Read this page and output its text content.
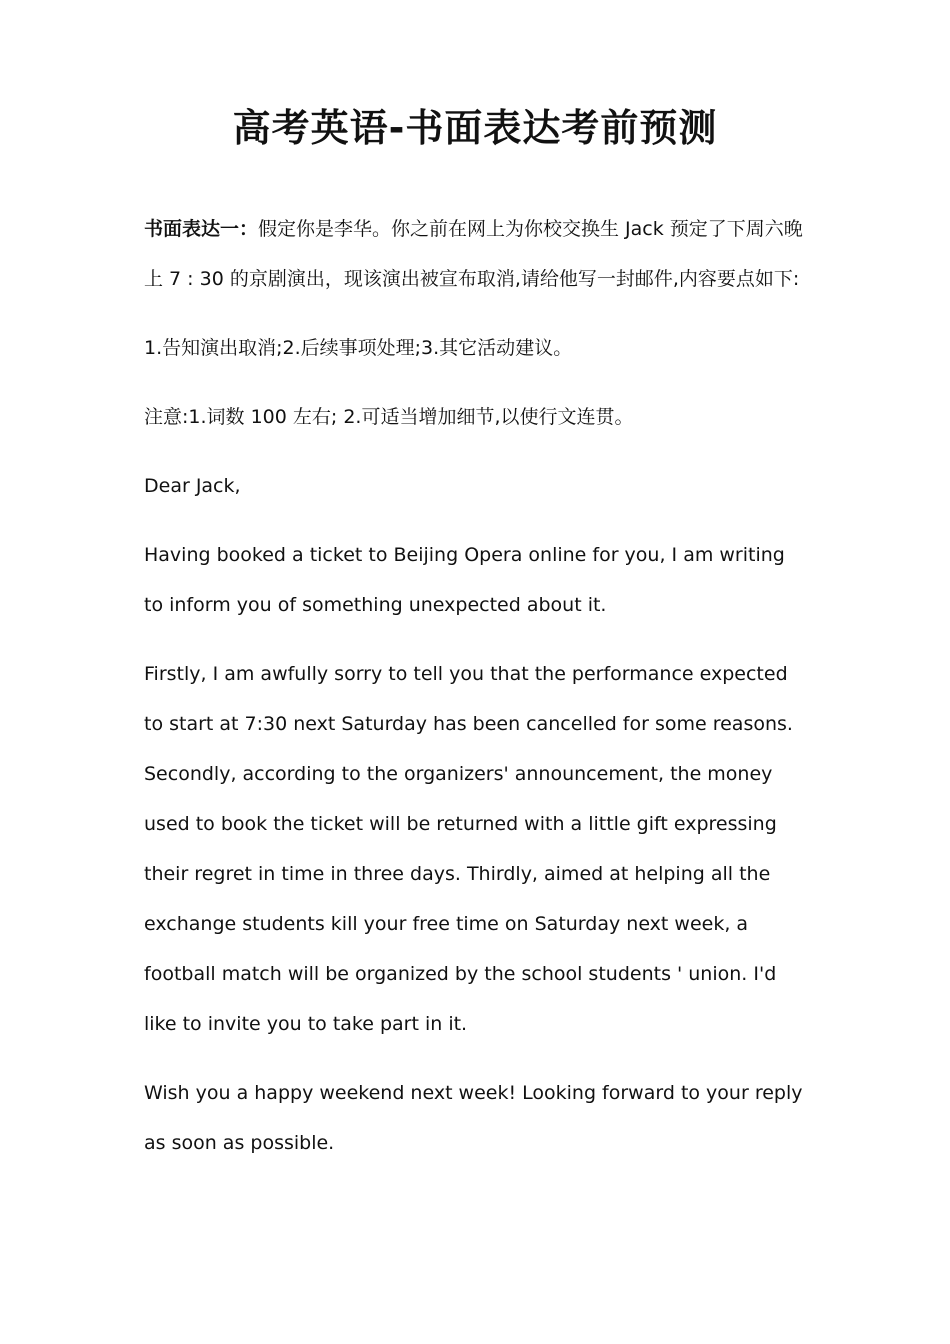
高考英语-书面表达考前预测

书面表达一：假定你是李华。你之前在网上为你校交换生 Jack 预定了下周六晚上 7 : 30 的京剧演出，现该演出被宣布取消,请给他写一封邮件,内容要点如下:

1.告知演出取消;2.后续事项处理;3.其它活动建议。

注意:1.词数 100 左右; 2.可适当增加细节,以使行文连贯。

Dear Jack,

Having booked a ticket to Beijing Opera online for you, I am writing to inform you of something unexpected about it.

Firstly, I am awfully sorry to tell you that the performance expected to start at 7:30 next Saturday has been cancelled for some reasons.

Secondly, according to the organizers' announcement, the money used to book the ticket will be returned with a little gift expressing their regret in time in three days. Thirdly, aimed at helping all the exchange students kill your free time on Saturday next week, a football match will be organized by the school students ' union. I'd like to invite you to take part in it.

Wish you a happy weekend next week! Looking forward to your reply as soon as possible.
